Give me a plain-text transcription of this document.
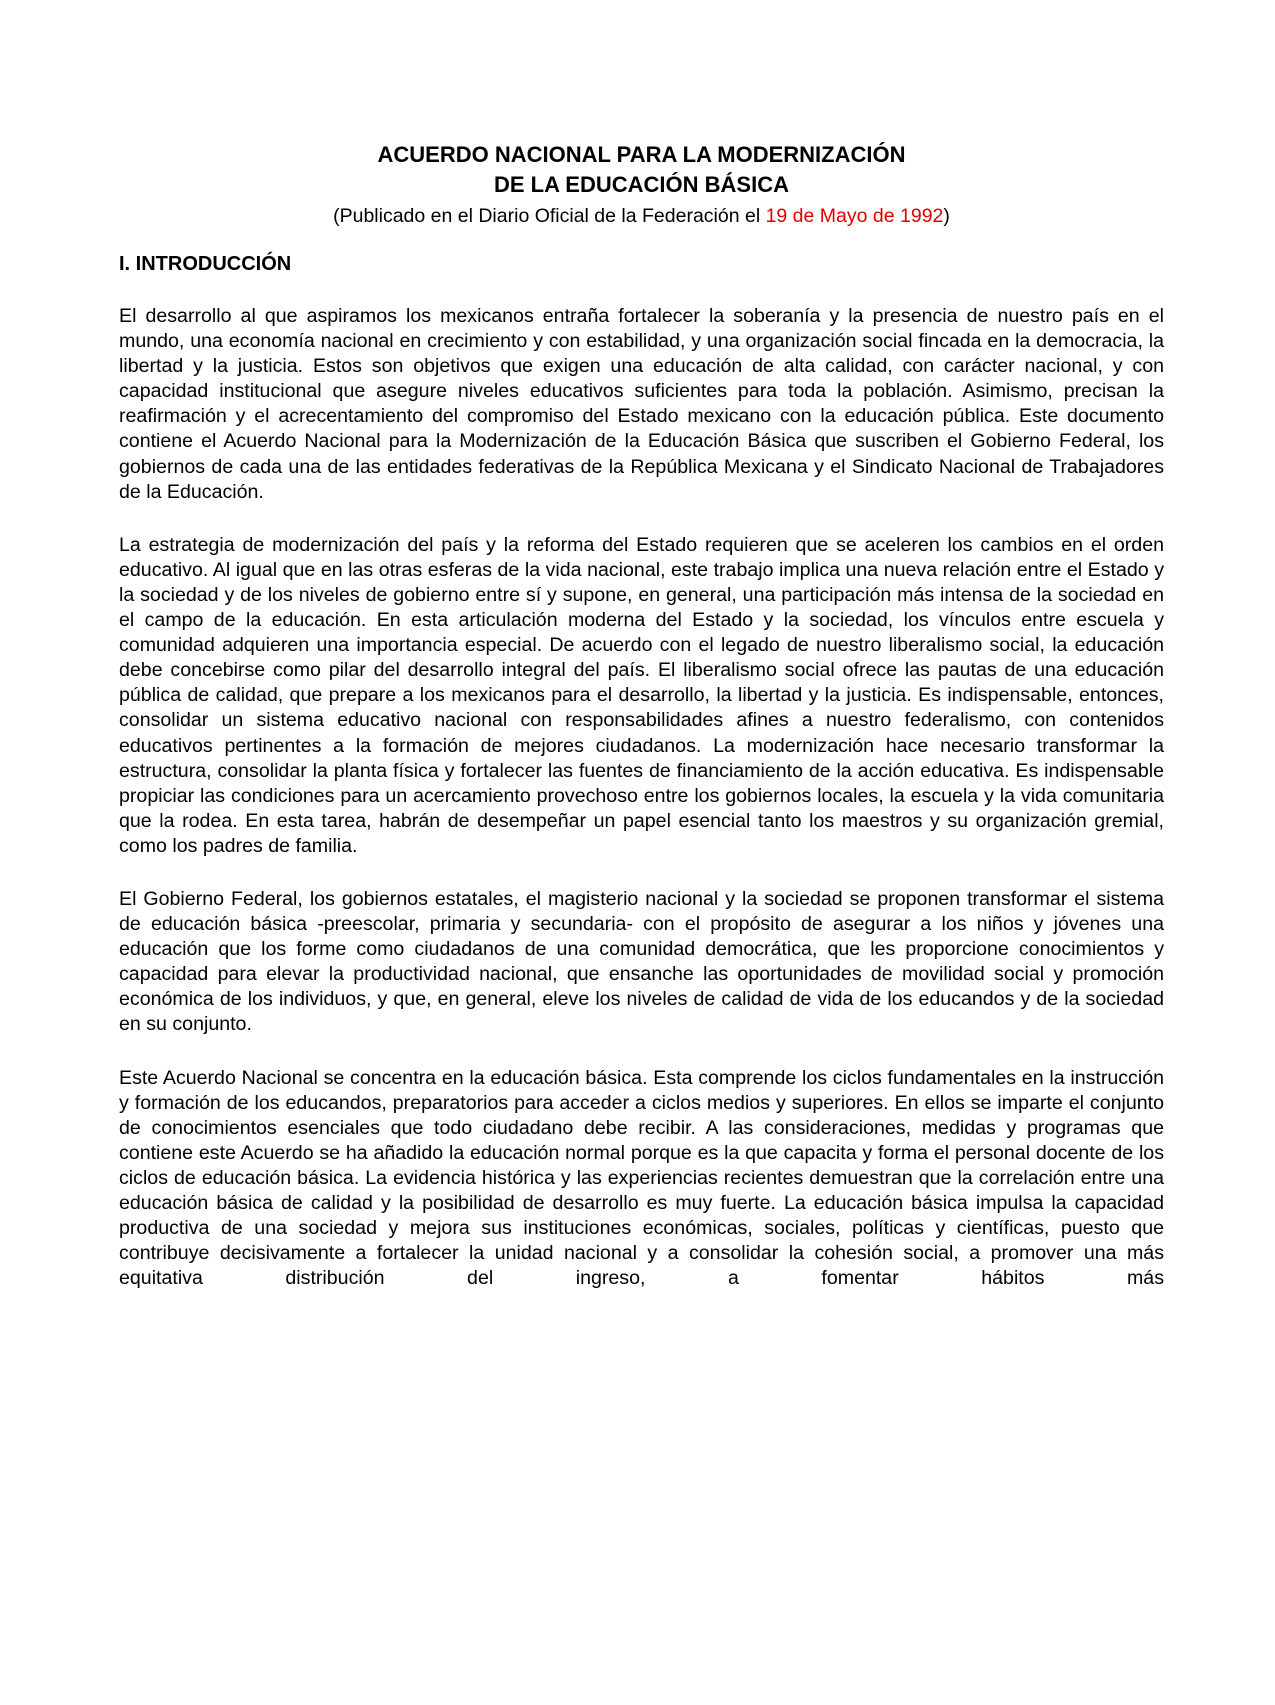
ACUERDO NACIONAL PARA LA MODERNIZACIÓN
DE LA EDUCACIÓN BÁSICA

(Publicado en el Diario Oficial de la Federación el 19 de Mayo de 1992)

I. INTRODUCCIÓN

El desarrollo al que aspiramos los mexicanos entraña fortalecer la soberanía y la presencia de nuestro país en el mundo, una economía nacional en crecimiento y con estabilidad, y una organización social fincada en la democracia, la libertad y la justicia. Estos son objetivos que exigen una educación de alta calidad, con carácter nacional, y con capacidad institucional que asegure niveles educativos suficientes para toda la población. Asimismo, precisan la reafirmación y el acrecentamiento del compromiso del Estado mexicano con la educación pública. Este documento contiene el Acuerdo Nacional para la Modernización de la Educación Básica que suscriben el Gobierno Federal, los gobiernos de cada una de las entidades federativas de la República Mexicana y el Sindicato Nacional de Trabajadores de la Educación.

La estrategia de modernización del país y la reforma del Estado requieren que se aceleren los cambios en el orden educativo. Al igual que en las otras esferas de la vida nacional, este trabajo implica una nueva relación entre el Estado y la sociedad y de los niveles de gobierno entre sí y supone, en general, una participación más intensa de la sociedad en el campo de la educación. En esta articulación moderna del Estado y la sociedad, los vínculos entre escuela y comunidad adquieren una importancia especial. De acuerdo con el legado de nuestro liberalismo social, la educación debe concebirse como pilar del desarrollo integral del país. El liberalismo social ofrece las pautas de una educación pública de calidad, que prepare a los mexicanos para el desarrollo, la libertad y la justicia. Es indispensable, entonces, consolidar un sistema educativo nacional con responsabilidades afines a nuestro federalismo, con contenidos educativos pertinentes a la formación de mejores ciudadanos. La modernización hace necesario transformar la estructura, consolidar la planta física y fortalecer las fuentes de financiamiento de la acción educativa. Es indispensable propiciar las condiciones para un acercamiento provechoso entre los gobiernos locales, la escuela y la vida comunitaria que la rodea. En esta tarea, habrán de desempeñar un papel esencial tanto los maestros y su organización gremial, como los padres de familia.

El Gobierno Federal, los gobiernos estatales, el magisterio nacional y la sociedad se proponen transformar el sistema de educación básica -preescolar, primaria y secundaria- con el propósito de asegurar a los niños y jóvenes una educación que los forme como ciudadanos de una comunidad democrática, que les proporcione conocimientos y capacidad para elevar la productividad nacional, que ensanche las oportunidades de movilidad social y promoción económica de los individuos, y que, en general, eleve los niveles de calidad de vida de los educandos y de la sociedad en su conjunto.

Este Acuerdo Nacional se concentra en la educación básica. Esta comprende los ciclos fundamentales en la instrucción y formación de los educandos, preparatorios para acceder a ciclos medios y superiores. En ellos se imparte el conjunto de conocimientos esenciales que todo ciudadano debe recibir. A las consideraciones, medidas y programas que contiene este Acuerdo se ha añadido la educación normal porque es la que capacita y forma el personal docente de los ciclos de educación básica. La evidencia histórica y las experiencias recientes demuestran que la correlación entre una educación básica de calidad y la posibilidad de desarrollo es muy fuerte. La educación básica impulsa la capacidad productiva de una sociedad y mejora sus instituciones económicas, sociales, políticas y científicas, puesto que contribuye decisivamente a fortalecer la unidad nacional y a consolidar la cohesión social, a promover una más equitativa distribución del ingreso, a fomentar hábitos más
